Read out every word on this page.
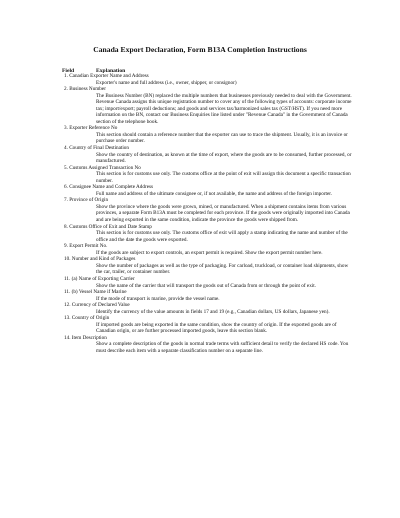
Canada Export Declaration, Form B13A Completion Instructions
Field	Explanation
1. Canadian Exporter Name and Address
Exporter's name and full address (i.e., owner, shipper, or consignor)
2. Business Number
The Business Number (BN) replaced the multiple numbers that businesses previously needed to deal with the Government. Revenue Canada assigns this unique registration number to cover any of the following types of accounts: corporate income tax; import/export; payroll deductions; and goods and services tax/harmonized sales tax (GST/HST). If you need more information on the BN, contact our Business Enquiries line listed under "Revenue Canada" in the Government of Canada section of the telephone book.
3. Exporter Reference No
This section should contain a reference number that the exporter can use to trace the shipment. Usually, it is an invoice or purchase order number.
4. Country of Final Destination
Show the country of destination, as known at the time of export, where the goods are to be consumed, further processed, or manufactured.
5. Customs Assigned Transaction No
This section is for customs use only. The customs office at the point of exit will assign this document a specific transaction number.
6. Consignee Name and Complete Address
Full name and address of the ultimate consignee or, if not available, the name and address of the foreign importer.
7. Province of Origin
Show the province where the goods were grown, mined, or manufactured. When a shipment contains items from various provinces, a separate Form B13A must be completed for each province. If the goods were originally imported into Canada and are being exported in the same condition, indicate the province the goods were shipped from.
8. Customs Office of Exit and Date Stamp
This section is for customs use only. The customs office of exit will apply a stamp indicating the name and number of the office and the date the goods were exported.
9. Export Permit No.
If the goods are subject to export controls, an export permit is required. Show the export permit number here.
10. Number and Kind of Packages
Show the number of packages as well as the type of packaging. For carload, truckload, or container load shipments, show the car, trailer, or container number.
11. (a) Name of Exporting Carrier
Show the name of the carrier that will transport the goods out of Canada from or through the point of exit.
11. (b) Vessel Name if Marine
If the mode of transport is marine, provide the vessel name.
12. Currency of Declared Value
Identify the currency of the value amounts in fields 17 and 19 (e.g., Canadian dollars, US dollars, Japanese yen).
13. Country of Origin
If imported goods are being exported in the same condition, show the country of origin. If the exported goods are of Canadian origin, or are further processed imported goods, leave this section blank.
14. Item Description
Show a complete description of the goods in normal trade terms with sufficient detail to verify the declared HS code. You must describe each item with a separate classification number on a separate line.
